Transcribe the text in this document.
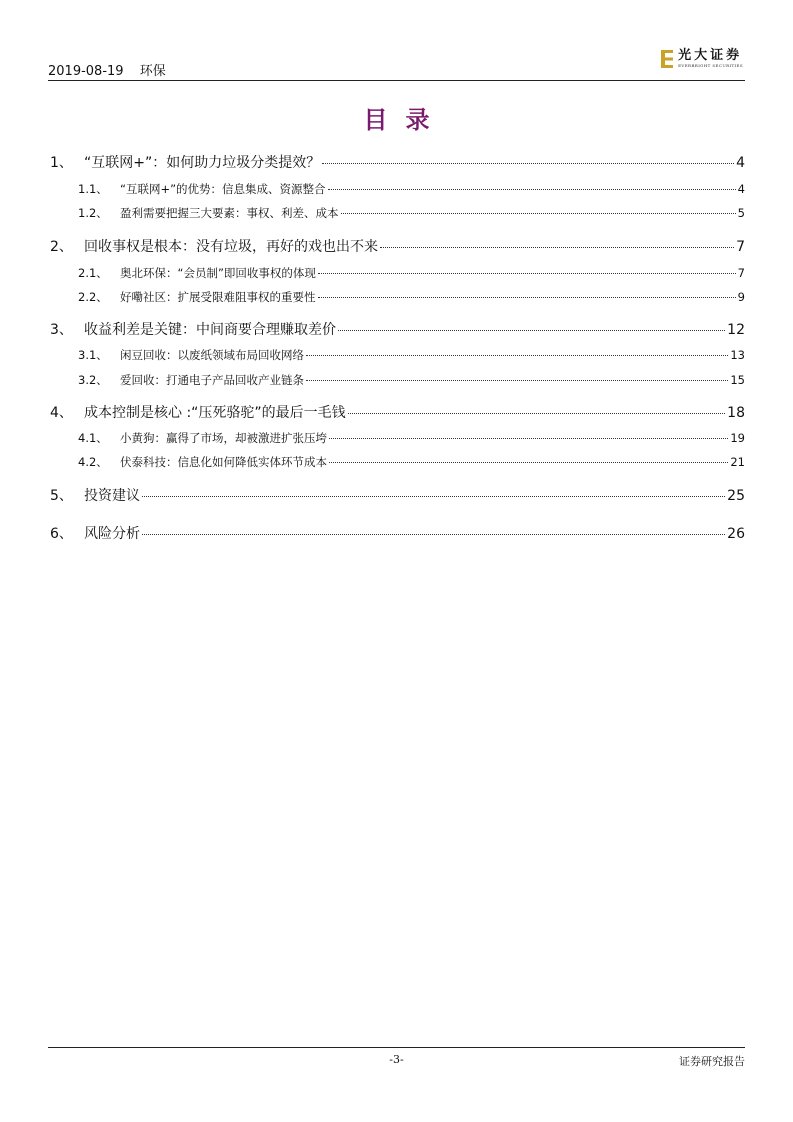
2019-08-19 环保
光大证券
EVERBRIGHT SECURITIES
目录
1、 “互联网+”：如何助力垃圾分类提效？	4
1.1、	“互联网+”的优势：信息集成、资源整合	4
1.2、	盈利需要把握三大要素：事权、利差、成本	5
2、 回收事权是根本：没有垃圾，再好的戏也出不来	7
2.1、	奥北环保：“会员制”即回收事权的体现	7
2.2、	好嘞社区：扩展受限难阻事权的重要性	9
3、 收益利差是关键：中间商要合理赚取差价	12
3.1、	闲豆回收：以废纸领域布局回收网络	13
3.2、	爱回收：打通电子产品回收产业链条	15
4、 成本控制是核心 :“压死骆驼”的最后一毛钱	18
4.1、	小黄狗：赢得了市场，却被激进扩张压垮	19
4.2、	伏泰科技：信息化如何降低实体环节成本	21
5、 投资建议	25
6、 风险分析	26
-3-	证券研究报告
